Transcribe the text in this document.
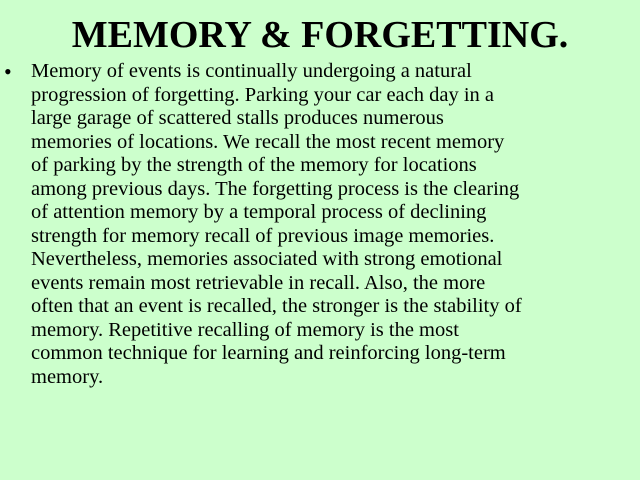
MEMORY & FORGETTING.
• Memory of events is continually undergoing a natural
progression of forgetting. Parking your car each day in a
large garage of scattered stalls produces numerous
memories of locations. We recall the most recent memory
of parking by the strength of the memory for locations
among previous days. The forgetting process is the clearing
of attention memory by a temporal process of declining
strength for memory recall of previous image memories.
Nevertheless, memories associated with strong emotional
events remain most retrievable in recall. Also, the more
often that an event is recalled, the stronger is the stability of
memory. Repetitive recalling of memory is the most
common technique for learning and reinforcing long-term
memory.
